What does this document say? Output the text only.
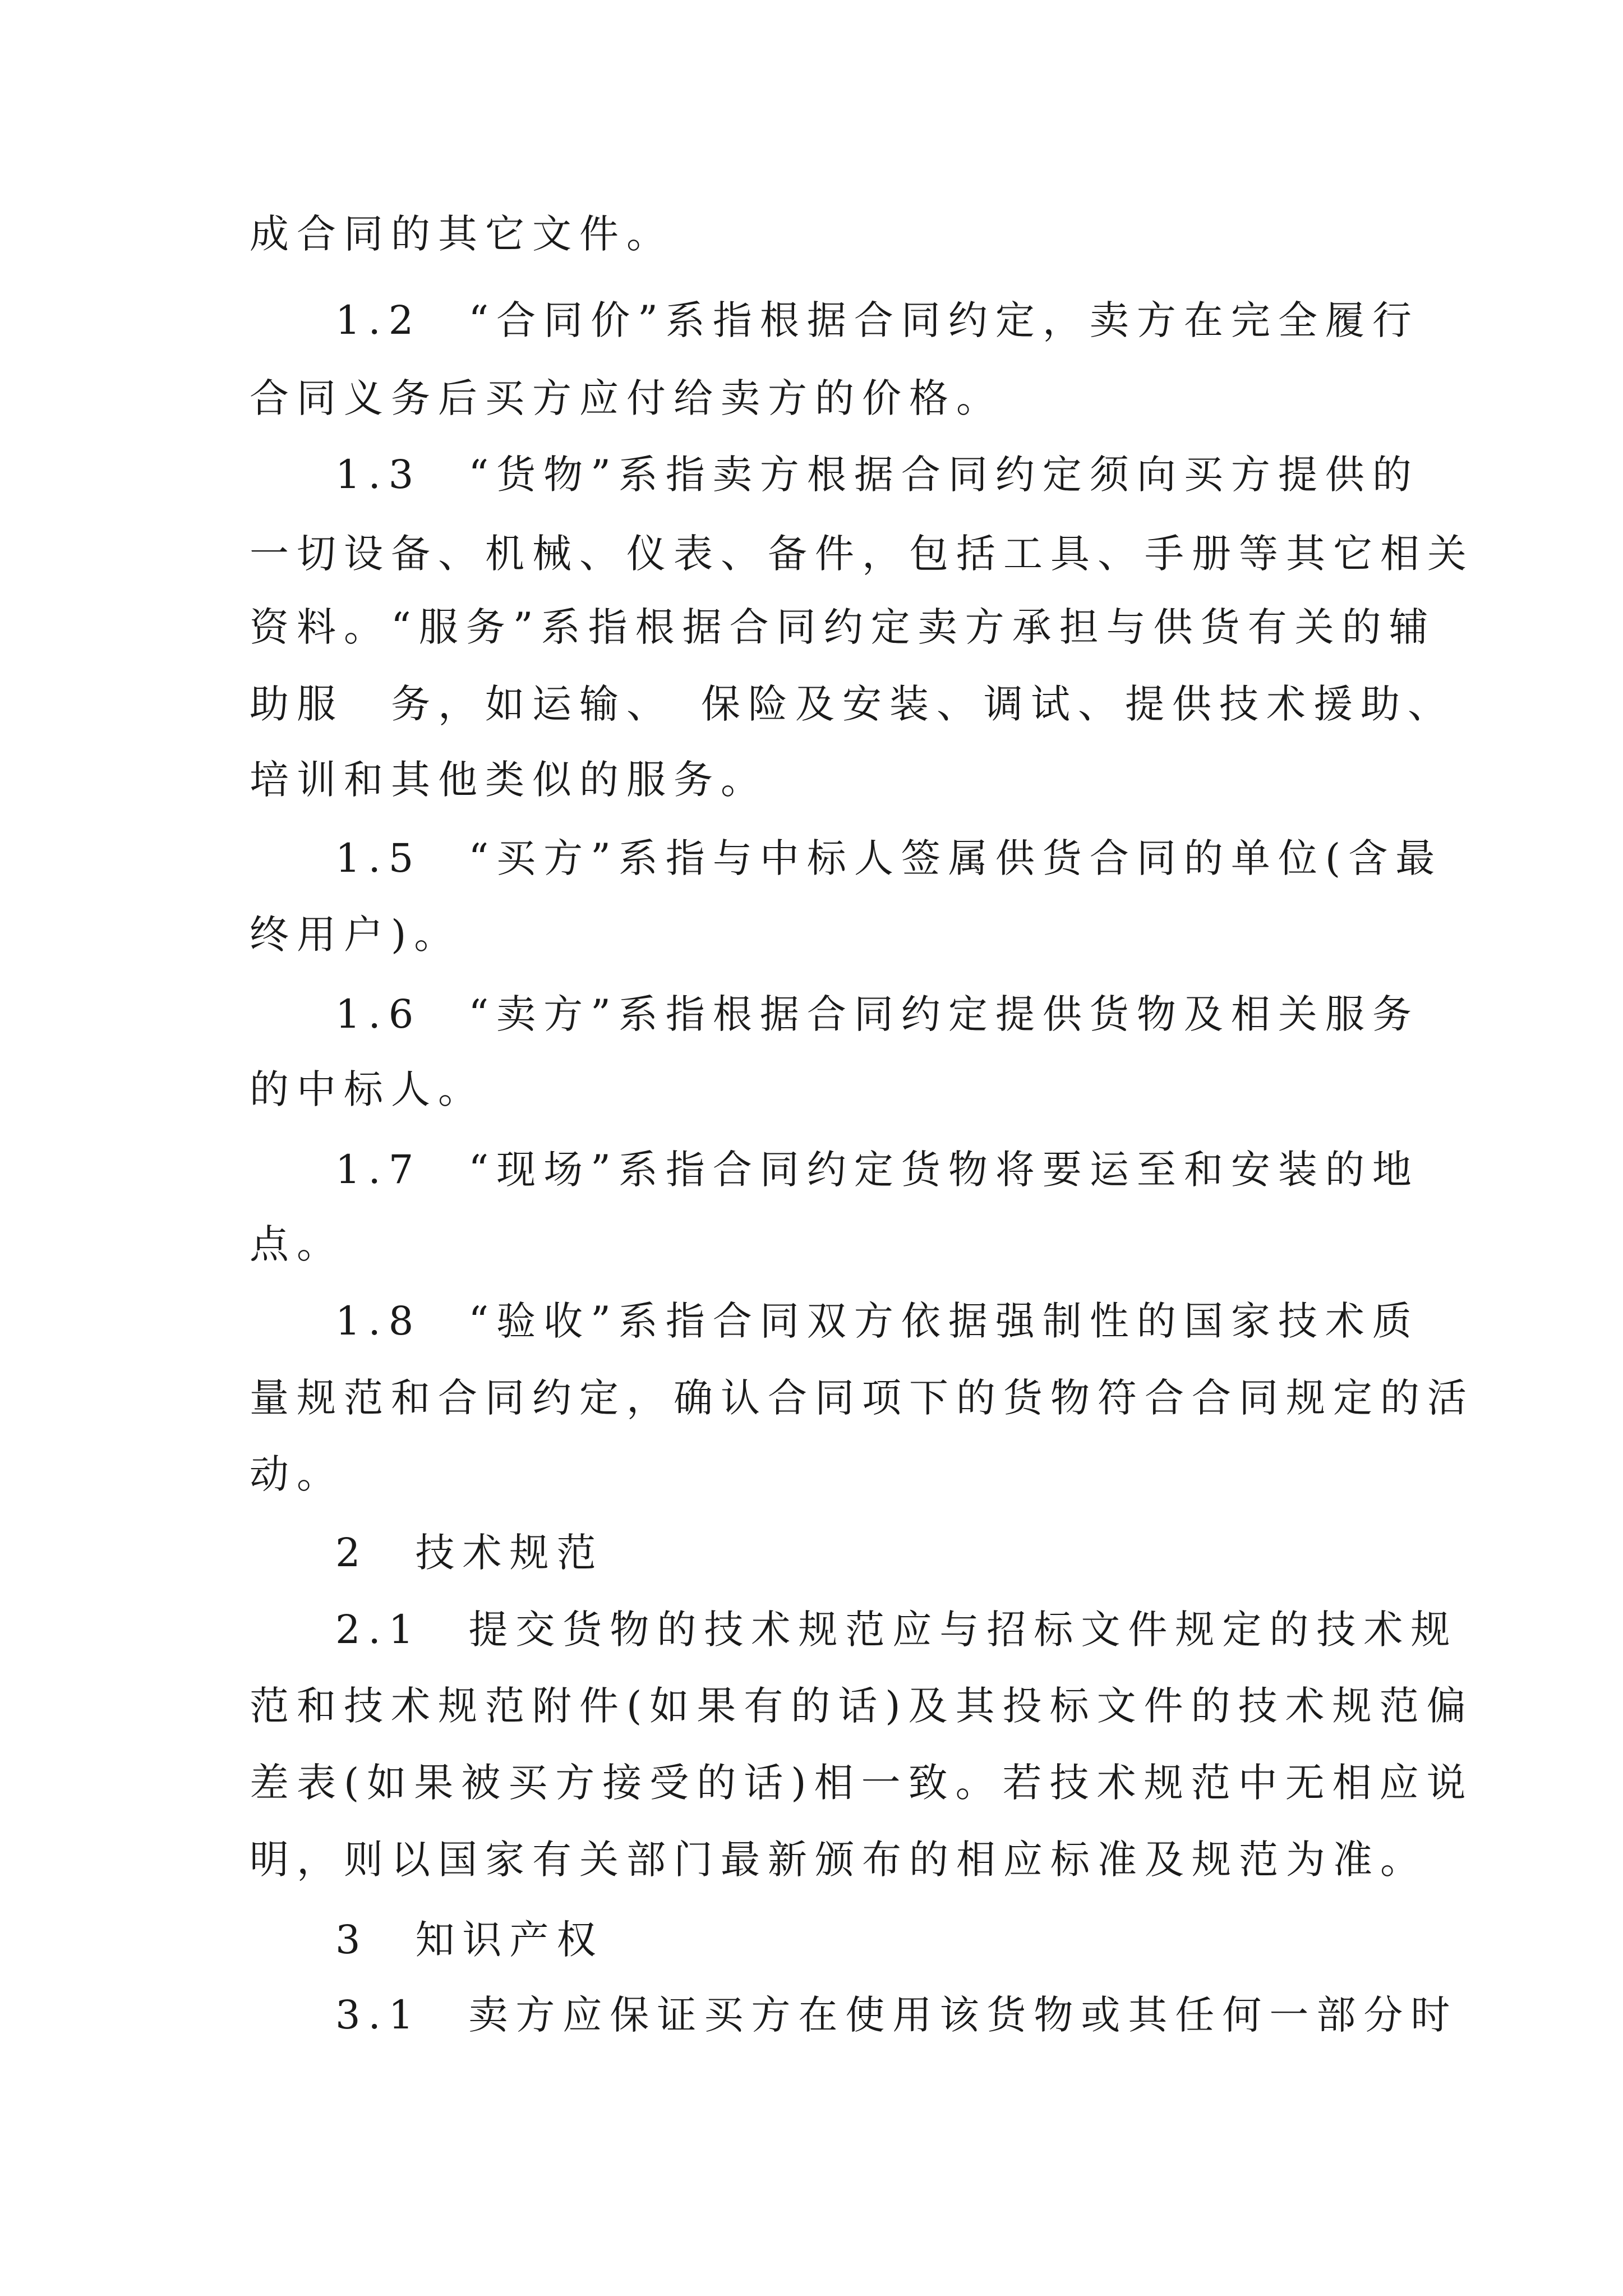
成合同的其它文件。
1.2　“合同价”系指根据合同约定，卖方在完全履行
合同义务后买方应付给卖方的价格。
1.3　“货物”系指卖方根据合同约定须向买方提供的
一切设备、机械、仪表、备件，包括工具、手册等其它相关
资料。“服务”系指根据合同约定卖方承担与供货有关的辅
助服　务，如运输、　保险及安装、调试、提供技术援助、
培训和其他类似的服务。
1.5　“买方”系指与中标人签属供货合同的单位(含最
终用户)。
1.6　“卖方”系指根据合同约定提供货物及相关服务
的中标人。
1.7　“现场”系指合同约定货物将要运至和安装的地
点。
1.8　“验收”系指合同双方依据强制性的国家技术质
量规范和合同约定，确认合同项下的货物符合合同规定的活
动。
2　技术规范
2.1　提交货物的技术规范应与招标文件规定的技术规
范和技术规范附件(如果有的话)及其投标文件的技术规范偏
差表(如果被买方接受的话)相一致。若技术规范中无相应说
明，则以国家有关部门最新颁布的相应标准及规范为准。
3　知识产权
3.1　卖方应保证买方在使用该货物或其任何一部分时
